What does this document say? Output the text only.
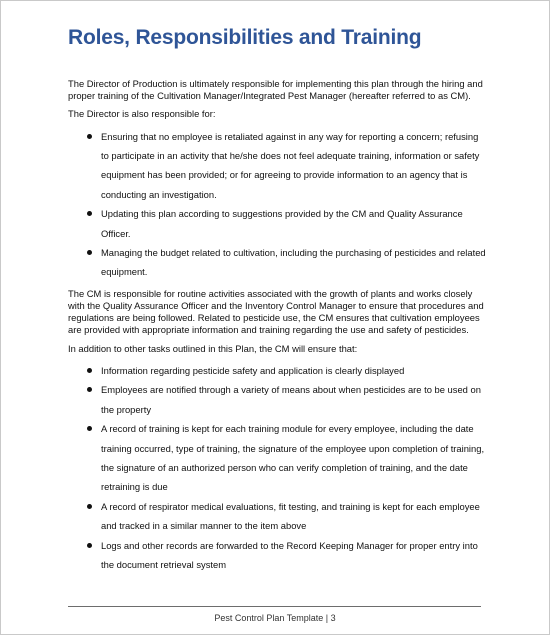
Roles, Responsibilities and Training

The Director of Production is ultimately responsible for implementing this plan through the hiring and proper training of the Cultivation Manager/Integrated Pest Manager (hereafter referred to as CM).

The Director is also responsible for:

Ensuring that no employee is retaliated against in any way for reporting a concern; refusing to participate in an activity that he/she does not feel adequate training, information or safety equipment has been provided; or for agreeing to provide information to an agency that is conducting an investigation.
Updating this plan according to suggestions provided by the CM and Quality Assurance Officer.
Managing the budget related to cultivation, including the purchasing of pesticides and related equipment.

The CM is responsible for routine activities associated with the growth of plants and works closely with the Quality Assurance Officer and the Inventory Control Manager to ensure that procedures and regulations are being followed. Related to pesticide use, the CM ensures that cultivation employees are provided with appropriate information and training regarding the use and safety of pesticides.

In addition to other tasks outlined in this Plan, the CM will ensure that:

Information regarding pesticide safety and application is clearly displayed
Employees are notified through a variety of means about when pesticides are to be used on the property
A record of training is kept for each training module for every employee, including the date training occurred, type of training, the signature of the employee upon completion of training, the signature of an authorized person who can verify completion of training, and the date retraining is due
A record of respirator medical evaluations, fit testing, and training is kept for each employee and tracked in a similar manner to the item above
Logs and other records are forwarded to the Record Keeping Manager for proper entry into the document retrieval system
Pest Control Plan Template | 3
